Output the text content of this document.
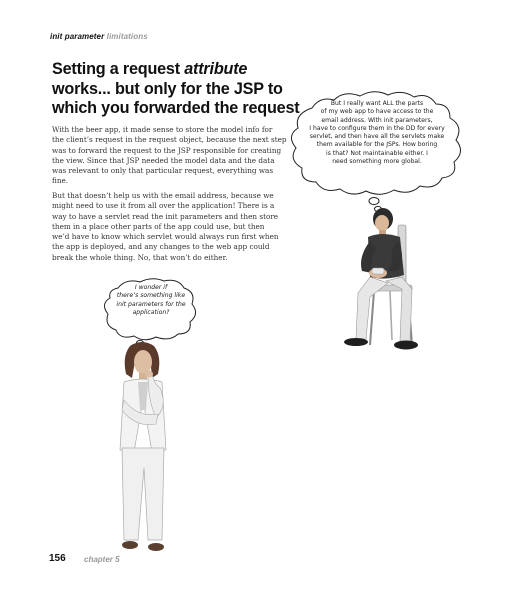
init parameter limitations
Setting a request attribute
works... but only for the JSP to
which you forwarded the request
With the beer app, it made sense to store the model info for
the client’s request in the request object, because the next step
was to forward the request to the JSP responsible for creating
the view. Since that JSP needed the model data and the data
was relevant to only that particular request, everything was
fine.
But that doesn’t help us with the email address, because we
might need to use it from all over the application! There is a
way to have a servlet read the init parameters and then store
them in a place other parts of the app could use, but then
we’d have to know which servlet would always run first when
the app is deployed, and any changes to the web app could
break the whole thing. No, that won’t do either.
But I really want ALL the parts
of my web app to have access to the
email address. With init parameters,
I have to configure them in the DD for every
servlet, and then have all the servlets make
them available for the JSPs. How boring
is that? Not maintainable either. I
need something more global.
I wonder if
there’s something like
init parameters for the
application?
156 chapter 5
